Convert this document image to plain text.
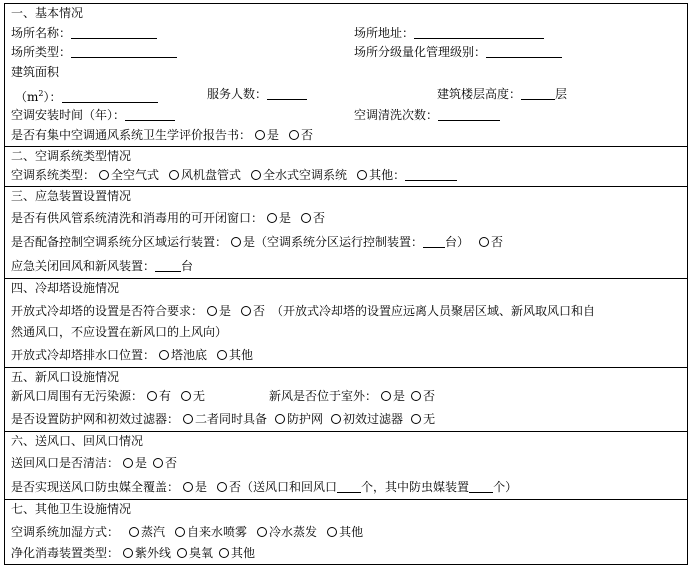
一、基本情况
场所名称：	场所地址：
场所类型：	场所分级量化管理级别：
建筑面积
$(m^2)$：	服务人数：	建筑楼层高度：	层
空调安装时间（年）：	空调清洗次数：
是否有集中空调通风系统卫生学评价报告书： 是 否
二、空调系统类型情况
空调系统类型： 全空气式 风机盘管式 全水式空调系统 其他：
三、应急装置设置情况
是否有供风管系统清洗和消毒用的可开闭窗口： 是 否
是否配备控制空调系统分区域运行装置： 是（空调系统分区运行控制装置： 台） 否
应急关闭回风和新风装置： 台
四、冷却塔设施情况
开放式冷却塔的设置是否符合要求： 是 否 （开放式冷却塔的设置应远离人员聚居区域、新风取风口和自
然通风口，不应设置在新风口的上风向）
开放式冷却塔排水口位置： 塔池底 其他
五、新风口设施情况
新风口周围有无污染源： 有 无	新风是否位于室外： 是 否
是否设置防护网和初效过滤器： 二者同时具备 防护网 初效过滤器 无
六、送风口、回风口情况
送回风口是否清洁： 是 否
是否实现送风口防虫媒全覆盖： 是 否（送风口和回风口 个，其中防虫媒装置 个）
七、其他卫生设施情况
空调系统加湿方式： 蒸汽 自来水喷雾 冷水蒸发 其他
净化消毒装置类型： 紫外线 臭氧 其他
